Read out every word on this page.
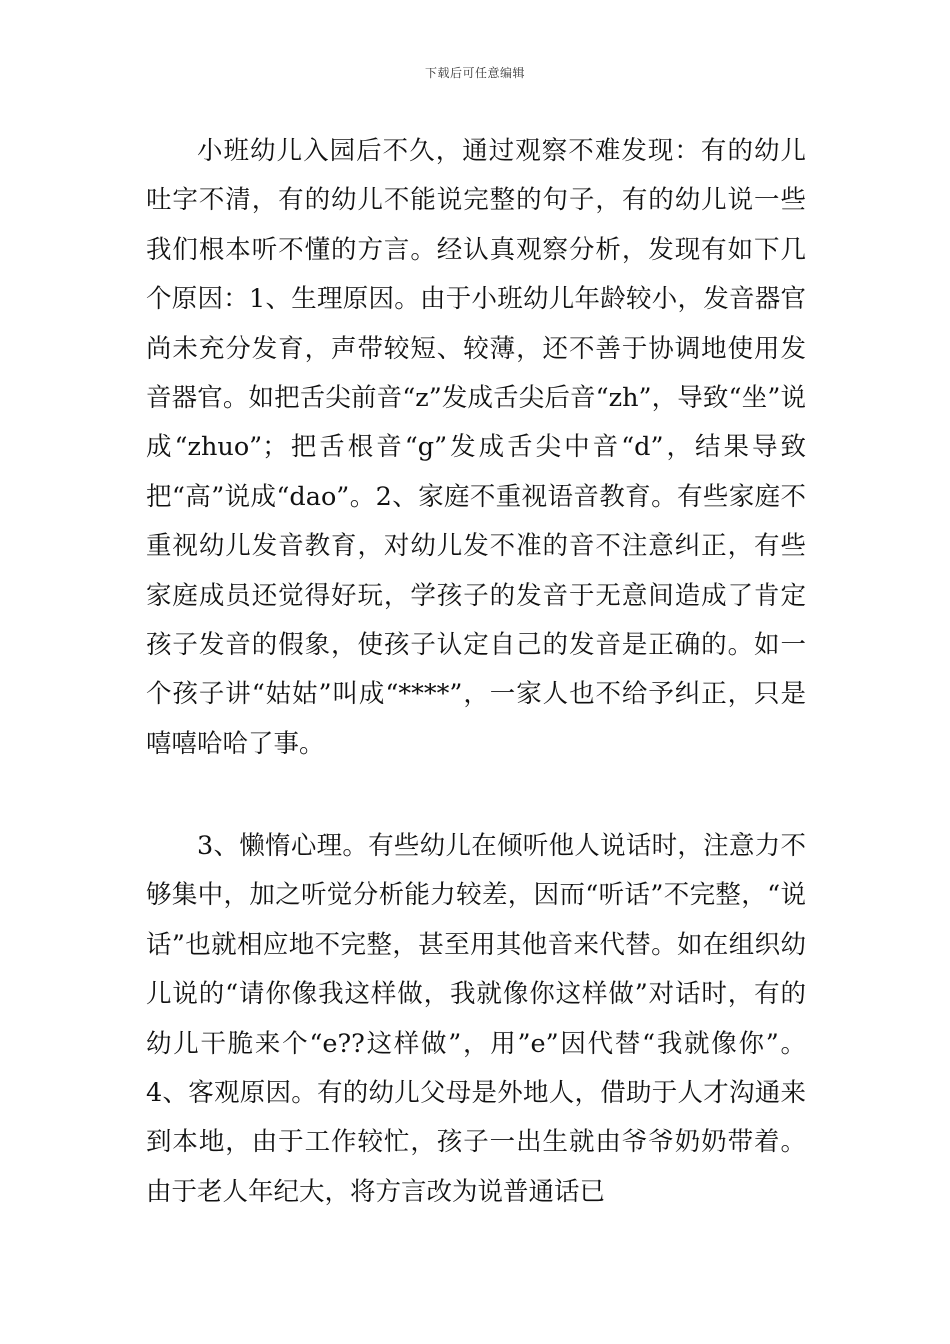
下载后可任意编辑

小班幼儿入园后不久，通过观察不难发现：有的幼儿吐字不清，有的幼儿不能说完整的句子，有的幼儿说一些我们根本听不懂的方言。经认真观察分析，发现有如下几个原因：1、生理原因。由于小班幼儿年龄较小，发音器官尚未充分发育，声带较短、较薄，还不善于协调地使用发音器官。如把舌尖前音“z”发成舌尖后音“zh”，导致“坐”说成“zhuo”；把舌根音“g”发成舌尖中音“d”，结果导致把“高”说成“dao”。2、家庭不重视语音教育。有些家庭不重视幼儿发音教育，对幼儿发不准的音不注意纠正，有些家庭成员还觉得好玩，学孩子的发音于无意间造成了肯定孩子发音的假象，使孩子认定自己的发音是正确的。如一个孩子讲“姑姑”叫成“****”，一家人也不给予纠正，只是嘻嘻哈哈了事。

3、懒惰心理。有些幼儿在倾听他人说话时，注意力不够集中，加之听觉分析能力较差，因而“听话”不完整，“说话”也就相应地不完整，甚至用其他音来代替。如在组织幼儿说的“请你像我这样做，我就像你这样做”对话时，有的幼儿干脆来个“e??这样做”，用”e”因代替“我就像你”。4、客观原因。有的幼儿父母是外地人，借助于人才沟通来到本地，由于工作较忙，孩子一出生就由爷爷奶奶带着。由于老人年纪大，将方言改为说普通话已
